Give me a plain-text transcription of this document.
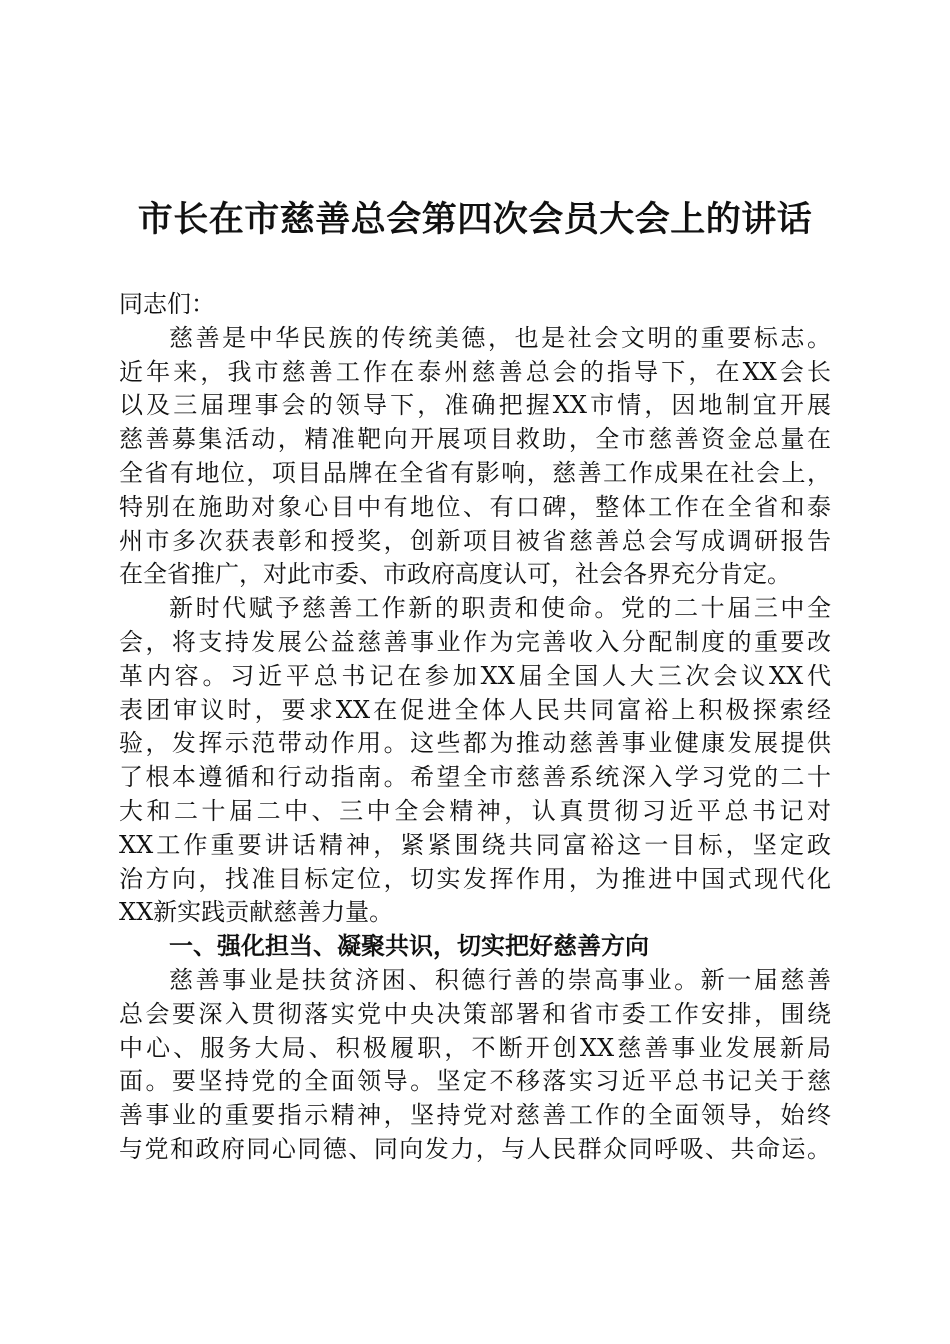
市长在市慈善总会第四次会员大会上的讲话
同志们：
慈善是中华民族的传统美德，也是社会文明的重要标志。
近年来，我市慈善工作在泰州慈善总会的指导下，在XX会长
以及三届理事会的领导下，准确把握XX市情，因地制宜开展
慈善募集活动，精准靶向开展项目救助，全市慈善资金总量在
全省有地位，项目品牌在全省有影响，慈善工作成果在社会上，
特别在施助对象心目中有地位、有口碑，整体工作在全省和泰
州市多次获表彰和授奖，创新项目被省慈善总会写成调研报告
在全省推广，对此市委、市政府高度认可，社会各界充分肯定。
新时代赋予慈善工作新的职责和使命。党的二十届三中全
会，将支持发展公益慈善事业作为完善收入分配制度的重要改
革内容。习近平总书记在参加XX届全国人大三次会议XX代
表团审议时，要求XX在促进全体人民共同富裕上积极探索经
验，发挥示范带动作用。这些都为推动慈善事业健康发展提供
了根本遵循和行动指南。希望全市慈善系统深入学习党的二十
大和二十届二中、三中全会精神，认真贯彻习近平总书记对
XX工作重要讲话精神，紧紧围绕共同富裕这一目标，坚定政
治方向，找准目标定位，切实发挥作用，为推进中国式现代化
XX新实践贡献慈善力量。
一、强化担当、凝聚共识，切实把好慈善方向
慈善事业是扶贫济困、积德行善的崇高事业。新一届慈善
总会要深入贯彻落实党中央决策部署和省市委工作安排，围绕
中心、服务大局、积极履职，不断开创XX慈善事业发展新局
面。要坚持党的全面领导。坚定不移落实习近平总书记关于慈
善事业的重要指示精神，坚持党对慈善工作的全面领导，始终
与党和政府同心同德、同向发力，与人民群众同呼吸、共命运。
